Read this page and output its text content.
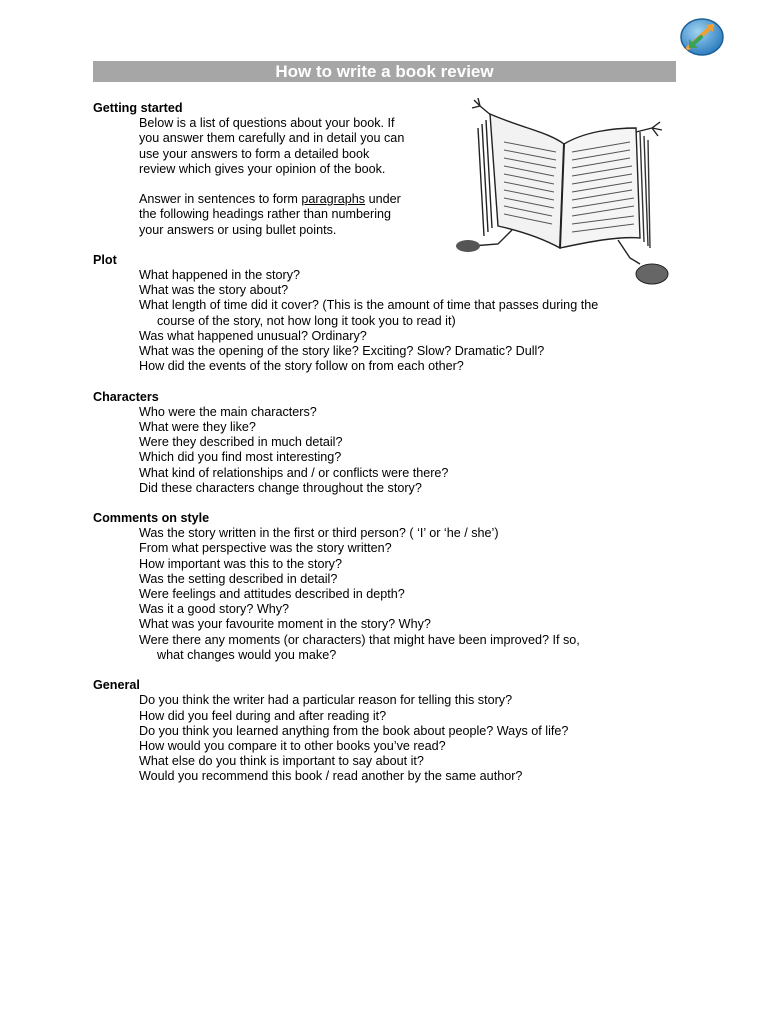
How to write a book review
Getting started
Below is a list of questions about your book. If
you answer them carefully and in detail you can
use your answers to form a detailed book
review which gives your opinion of the book.
Answer in sentences to form paragraphs under
the following headings rather than numbering
your answers or using bullet points.
Plot
What happened in the story?
What was the story about?
What length of time did it cover? (This is the amount of time that passes during the
course of the story, not how long it took you to read it)
Was what happened unusual? Ordinary?
What was the opening of the story like? Exciting? Slow? Dramatic? Dull?
How did the events of the story follow on from each other?
Characters
Who were the main characters?
What were they like?
Were they described in much detail?
Which did you find most interesting?
What kind of relationships and / or conflicts were there?
Did these characters change throughout the story?
Comments on style
Was the story written in the first or third person? ( ‘I’ or ‘he / she’)
From what perspective was the story written?
How important was this to the story?
Was the setting described in detail?
Were feelings and attitudes described in depth?
Was it a good story? Why?
What was your favourite moment in the story? Why?
Were there any moments (or characters) that might have been improved? If so,
what changes would you make?
General
Do you think the writer had a particular reason for telling this story?
How did you feel during and after reading it?
Do you think you learned anything from the book about people? Ways of life?
How would you compare it to other books you’ve read?
What else do you think is important to say about it?
Would you recommend this book / read another by the same author?
